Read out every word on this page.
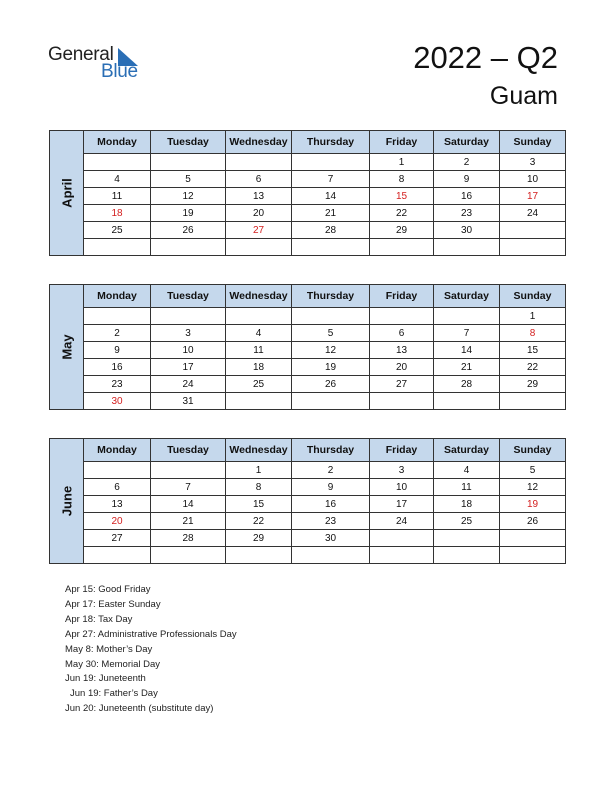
General
Blue	2022 – Q2
Guam
April	Monday	Tuesday	Wednesday	Thursday	Friday	Saturday	Sunday
					1	2	3
	4	5	6	7	8	9	10
	11	12	13	14	15	16	17
	18	19	20	21	22	23	24
	25	26	27	28	29	30	

May	Monday	Tuesday	Wednesday	Thursday	Friday	Saturday	Sunday
							1
	2	3	4	5	6	7	8
	9	10	11	12	13	14	15
	16	17	18	19	20	21	22
	23	24	25	26	27	28	29
	30	31					
June	Monday	Tuesday	Wednesday	Thursday	Friday	Saturday	Sunday
			1	2	3	4	5
	6	7	8	9	10	11	12
	13	14	15	16	17	18	19
	20	21	22	23	24	25	26
	27	28	29	30			

Apr 15: Good Friday
Apr 17: Easter Sunday
Apr 18: Tax Day
Apr 27: Administrative Professionals Day
May 8: Mother’s Day
May 30: Memorial Day
Jun 19: Juneteenth
Jun 19: Father’s Day
Jun 20: Juneteenth (substitute day)
